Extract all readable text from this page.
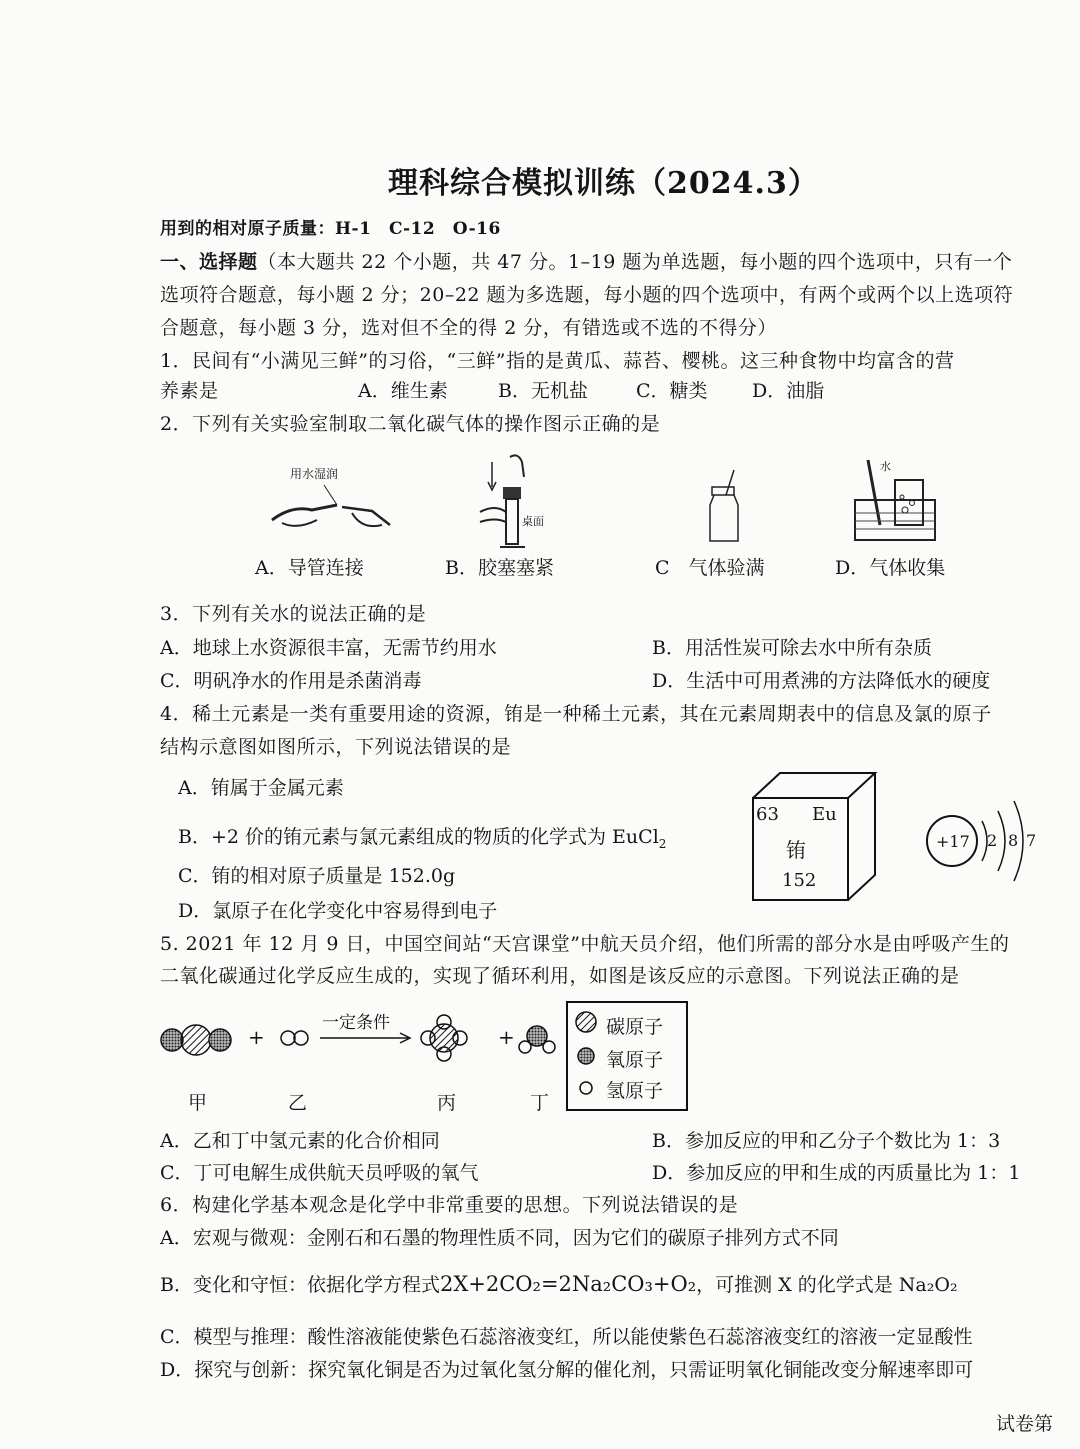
理科综合模拟训练（2024.3）
用到的相对原子质量：H-1　C-12　O-16
一、选择题（本大题共 22 个小题，共 47 分。1–19 题为单选题，每小题的四个选项中，只有一个
选项符合题意，每小题 2 分；20–22 题为多选题，每小题的四个选项中，有两个或两个以上选项符
合题意，每小题 3 分，选对但不全的得 2 分，有错选或不选的不得分）
1．民间有“小满见三鲜”的习俗，“三鲜”指的是黄瓜、蒜苔、樱桃。这三种食物中均富含的营
养素是	A．维生素	B．无机盐	C．糖类 D．油脂
2．下列有关实验室制取二氧化碳气体的操作图示正确的是
用水湿润
桌面
水
A．导管连接	B．胶塞塞紧	C　气体验满	D．气体收集
3．下列有关水的说法正确的是
A．地球上水资源很丰富，无需节约用水	B．用活性炭可除去水中所有杂质
C．明矾净水的作用是杀菌消毒	D．生活中可用煮沸的方法降低水的硬度
4．稀土元素是一类有重要用途的资源，铕是一种稀土元素，其在元素周期表中的信息及氯的原子
结构示意图如图所示，下列说法错误的是
A．铕属于金属元素
B．+2 价的铕元素与氯元素组成的物质的化学式为 EuCl$_2$
C．铕的相对原子质量是 152.0g
D．氯原子在化学变化中容易得到电子
63 Eu
铕
152
+17 2 8 7
5. 2021 年 12 月 9 日，中国空间站“天宫课堂”中航天员介绍，他们所需的部分水是由呼吸产生的
二氧化碳通过化学反应生成的，实现了循环利用，如图是该反应的示意图。下列说法正确的是
+	+
一定条件	碳原子
氧原子
氢原子
甲	乙	丙	丁
A．乙和丁中氢元素的化合价相同	B．参加反应的甲和乙分子个数比为 1：3
C．丁可电解生成供航天员呼吸的氧气	D．参加反应的甲和生成的丙质量比为 1：1
6．构建化学基本观念是化学中非常重要的思想。下列说法错误的是
A．宏观与微观：金刚石和石墨的物理性质不同，因为它们的碳原子排列方式不同
B．变化和守恒：依据化学方程式2X+2CO₂=2Na₂CO₃+O₂，可推测 X 的化学式是 Na₂O₂
C．模型与推理：酸性溶液能使紫色石蕊溶液变红，所以能使紫色石蕊溶液变红的溶液一定显酸性
D．探究与创新：探究氧化铜是否为过氧化氢分解的催化剂，只需证明氧化铜能改变分解速率即可
试卷第
